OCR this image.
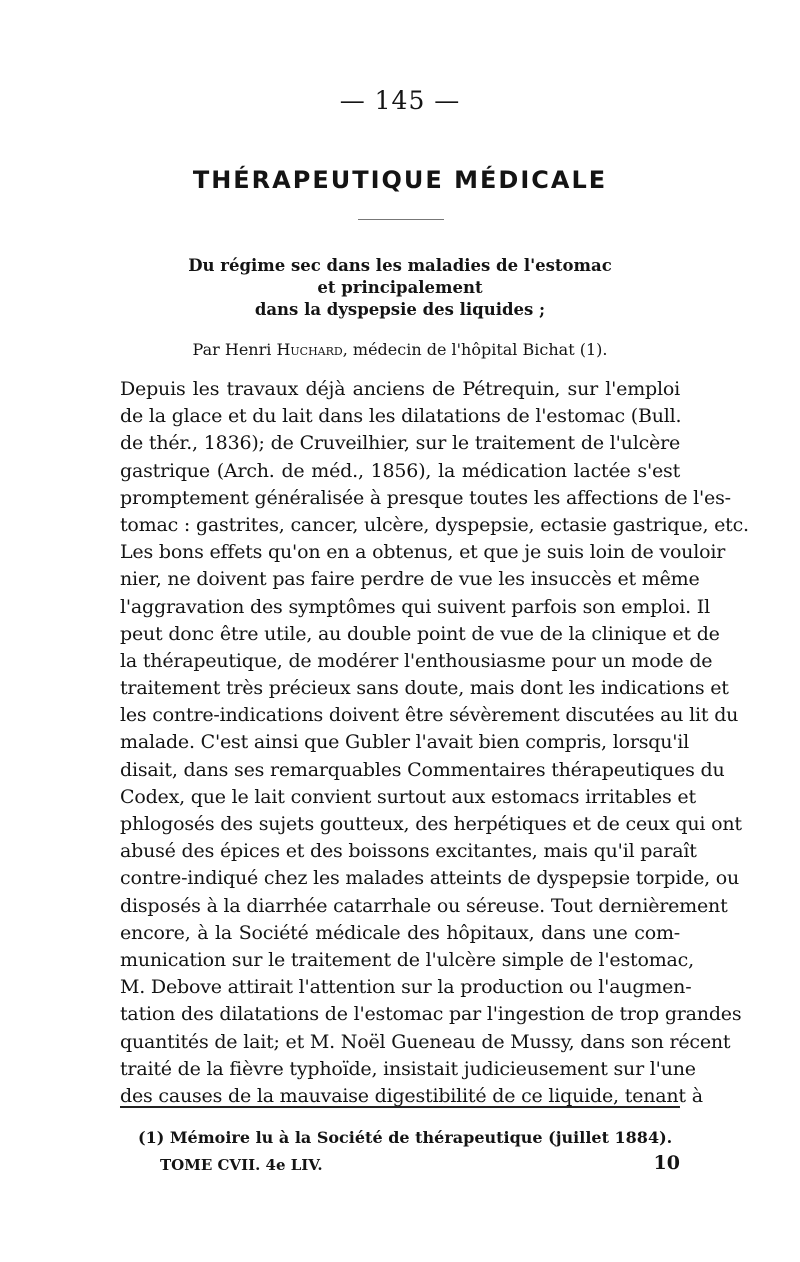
— 145 —
THÉRAPEUTIQUE MÉDICALE
Du régime sec dans les maladies de l'estomac
et principalement
dans la dyspepsie des liquides ;
Par Henri Huchard, médecin de l'hôpital Bichat (1).
Depuis les travaux déjà anciens de Pétrequin, sur l'emploi
de la glace et du lait dans les dilatations de l'estomac (Bull.
de thér., 1836); de Cruveilhier, sur le traitement de l'ulcère
gastrique (Arch. de méd., 1856), la médication lactée s'est
promptement généralisée à presque toutes les affections de l'es-
tomac : gastrites, cancer, ulcère, dyspepsie, ectasie gastrique, etc.
Les bons effets qu'on en a obtenus, et que je suis loin de vouloir
nier, ne doivent pas faire perdre de vue les insuccès et même
l'aggravation des symptômes qui suivent parfois son emploi. Il
peut donc être utile, au double point de vue de la clinique et de
la thérapeutique, de modérer l'enthousiasme pour un mode de
traitement très précieux sans doute, mais dont les indications et
les contre-indications doivent être sévèrement discutées au lit du
malade. C'est ainsi que Gubler l'avait bien compris, lorsqu'il
disait, dans ses remarquables Commentaires thérapeutiques du
Codex, que le lait convient surtout aux estomacs irritables et
phlogosés des sujets goutteux, des herpétiques et de ceux qui ont
abusé des épices et des boissons excitantes, mais qu'il paraît
contre-indiqué chez les malades atteints de dyspepsie torpide, ou
disposés à la diarrhée catarrhale ou séreuse. Tout dernièrement
encore, à la Société médicale des hôpitaux, dans une com-
munication sur le traitement de l'ulcère simple de l'estomac,
M. Debove attirait l'attention sur la production ou l'augmen-
tation des dilatations de l'estomac par l'ingestion de trop grandes
quantités de lait; et M. Noël Gueneau de Mussy, dans son récent
traité de la fièvre typhoïde, insistait judicieusement sur l'une
des causes de la mauvaise digestibilité de ce liquide, tenant à
(1) Mémoire lu à la Société de thérapeutique (juillet 1884).
TOME CVII. 4e LIV.	10
